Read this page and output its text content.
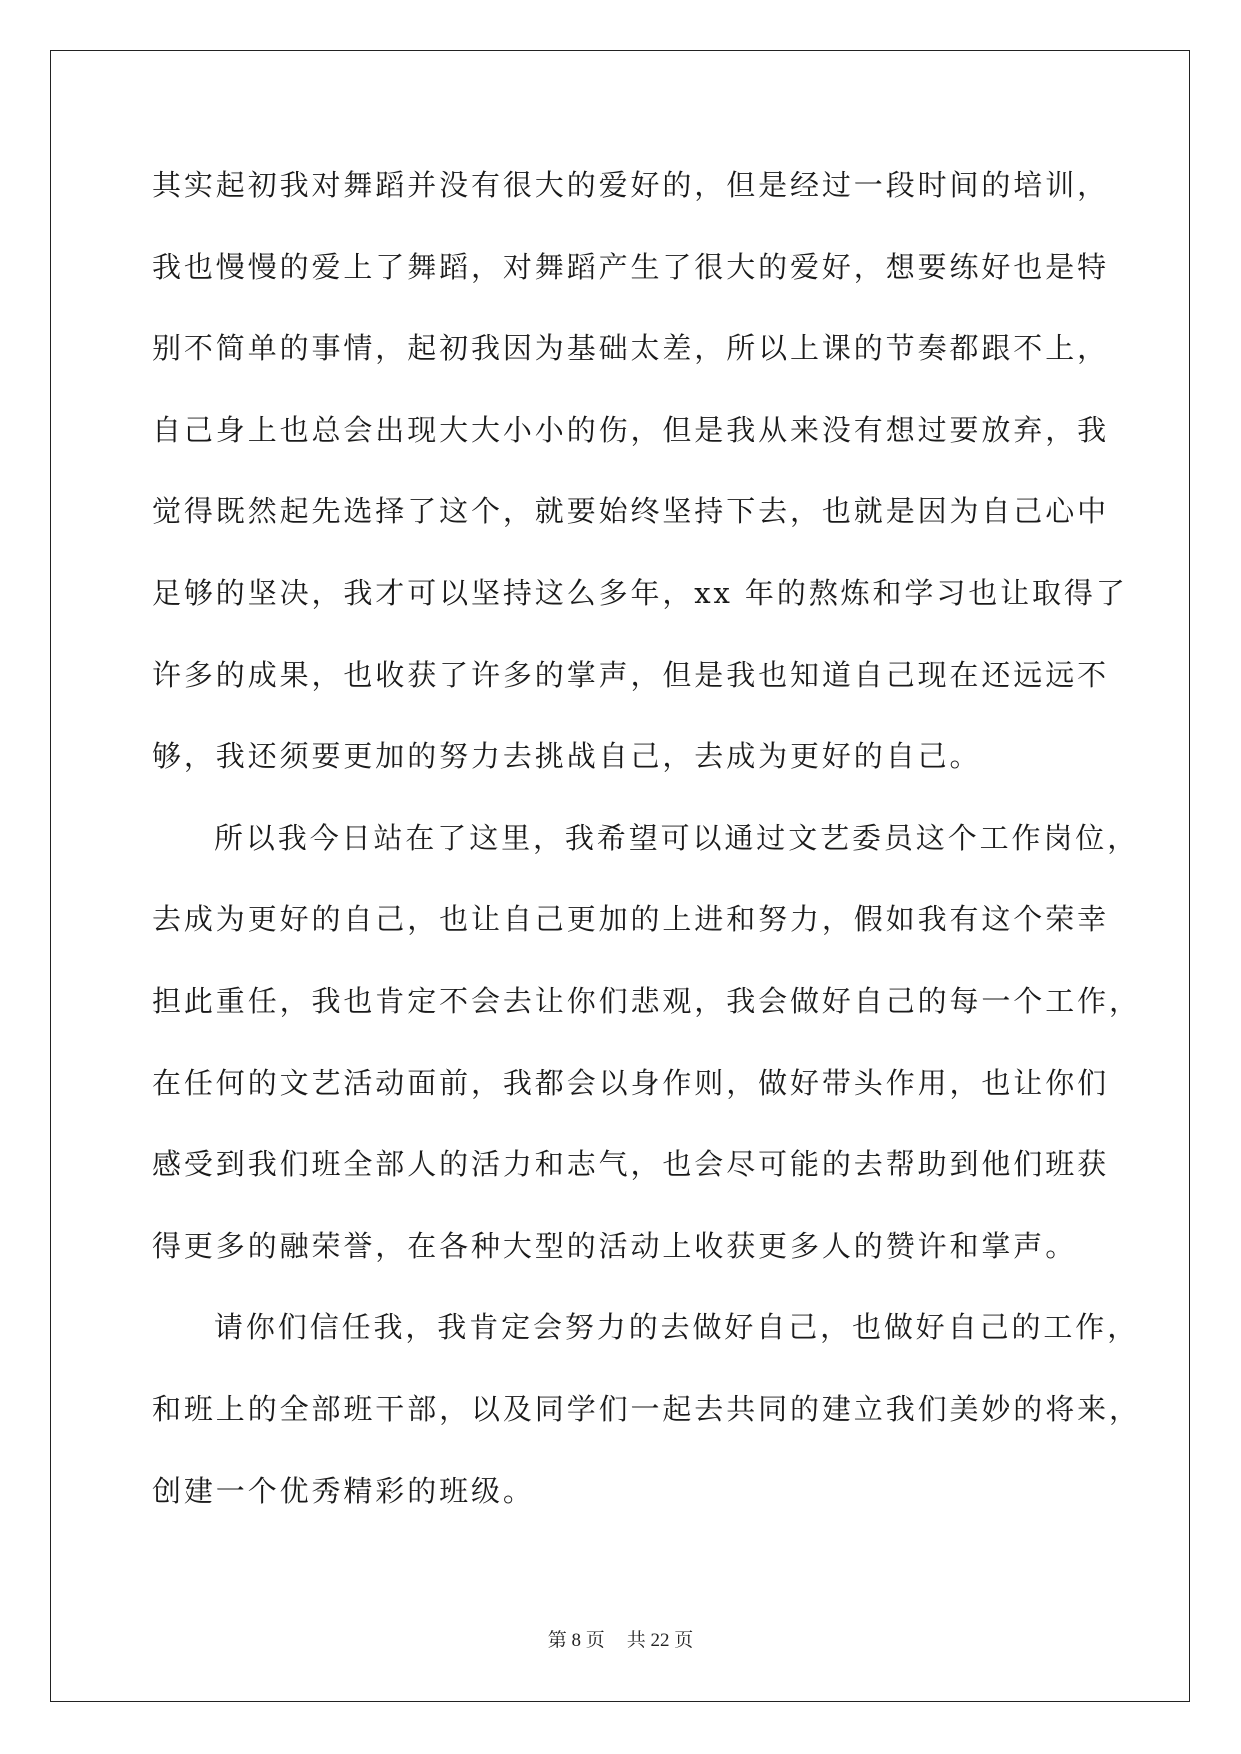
其实起初我对舞蹈并没有很大的爱好的，但是经过一段时间的培训，
我也慢慢的爱上了舞蹈，对舞蹈产生了很大的爱好，想要练好也是特
别不简单的事情，起初我因为基础太差，所以上课的节奏都跟不上，
自己身上也总会出现大大小小的伤，但是我从来没有想过要放弃，我
觉得既然起先选择了这个，就要始终坚持下去，也就是因为自己心中
足够的坚决，我才可以坚持这么多年，xx 年的熬炼和学习也让取得了
许多的成果，也收获了许多的掌声，但是我也知道自己现在还远远不
够，我还须要更加的努力去挑战自己，去成为更好的自己。
所以我今日站在了这里，我希望可以通过文艺委员这个工作岗位，
去成为更好的自己，也让自己更加的上进和努力，假如我有这个荣幸
担此重任，我也肯定不会去让你们悲观，我会做好自己的每一个工作，
在任何的文艺活动面前，我都会以身作则，做好带头作用，也让你们
感受到我们班全部人的活力和志气，也会尽可能的去帮助到他们班获
得更多的融荣誉，在各种大型的活动上收获更多人的赞许和掌声。
请你们信任我，我肯定会努力的去做好自己，也做好自己的工作，
和班上的全部班干部，以及同学们一起去共同的建立我们美妙的将来，
创建一个优秀精彩的班级。
第 8 页 共 22 页
